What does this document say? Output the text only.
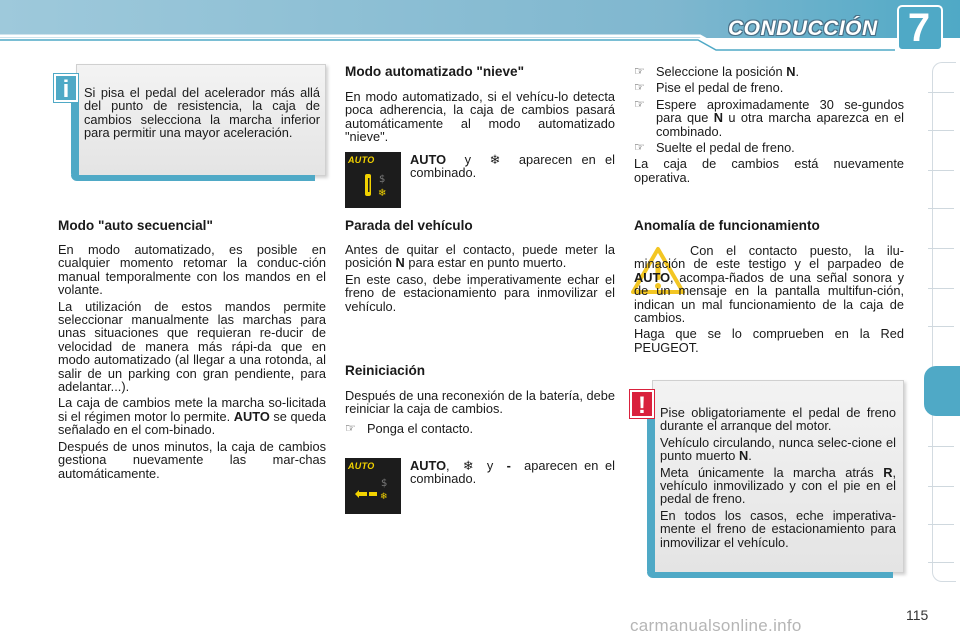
CONDUCCIÓN 7
i	Si pisa el pedal del acelerador más allá del punto de resistencia, la caja de cambios selecciona la marcha inferior para permitir una mayor aceleración.
Modo "auto secuencial"

En modo automatizado, es posible en cualquier momento retomar la conduc-ción manual temporalmente con los mandos en el volante.

La utilización de estos mandos permite seleccionar manualmente las marchas para unas situaciones que requieran re-ducir de velocidad de manera más rápi-da que en modo automatizado (al llegar a una rotonda, al salir de un parking con gran pendiente, para adelantar...).

La caja de cambios mete la marcha so-licitada si el régimen motor lo permite. AUTO se queda señalado en el com-binado.

Después de unos minutos, la caja de cambios gestiona nuevamente las mar-chas automáticamente.

Modo automatizado "nieve"
En modo automatizado, si el vehícu-lo detecta poca adherencia, la caja de cambios pasará automáticamente al modo automatizado "nieve".
AUTO
$
❄
AUTO y ❄ aparecen en el combinado.
Parada del vehículo

Antes de quitar el contacto, puede meter la posición N para estar en punto muerto.

En este caso, debe imperativamente echar el freno de estacionamiento para inmovilizar el vehículo.

Reiniciación

Después de una reconexión de la batería, debe reiniciar la caja de cambios.

☞ Ponga el contacto.
AUTO
$
❄
AUTO, ❄ y - aparecen en el combinado.
☞ Seleccione la posición N.
☞ Pise el pedal de freno.
☞ Espere aproximadamente 30 se-gundos para que N u otra marcha aparezca en el combinado.
☞ Suelte el pedal de freno.

La caja de cambios está nuevamente operativa.

Anomalía de funcionamiento

Con el contacto puesto, la ilu-minación de este testigo y el parpadeo de AUTO, acompa-ñados de una señal sonora y de un mensaje en la pantalla multifun-ción, indican un mal funcionamiento de la caja de cambios.

Haga que se lo comprueben en la Red PEUGEOT.

!	Pise obligatoriamente el pedal de freno durante el arranque del motor.

Vehículo circulando, nunca selec-cione el punto muerto N.

Meta únicamente la marcha atrás R, vehículo inmovilizado y con el pie en el pedal de freno.

En todos los casos, eche imperativa-mente el freno de estacionamiento para inmovilizar el vehículo.

115
carmanualsonline.info
